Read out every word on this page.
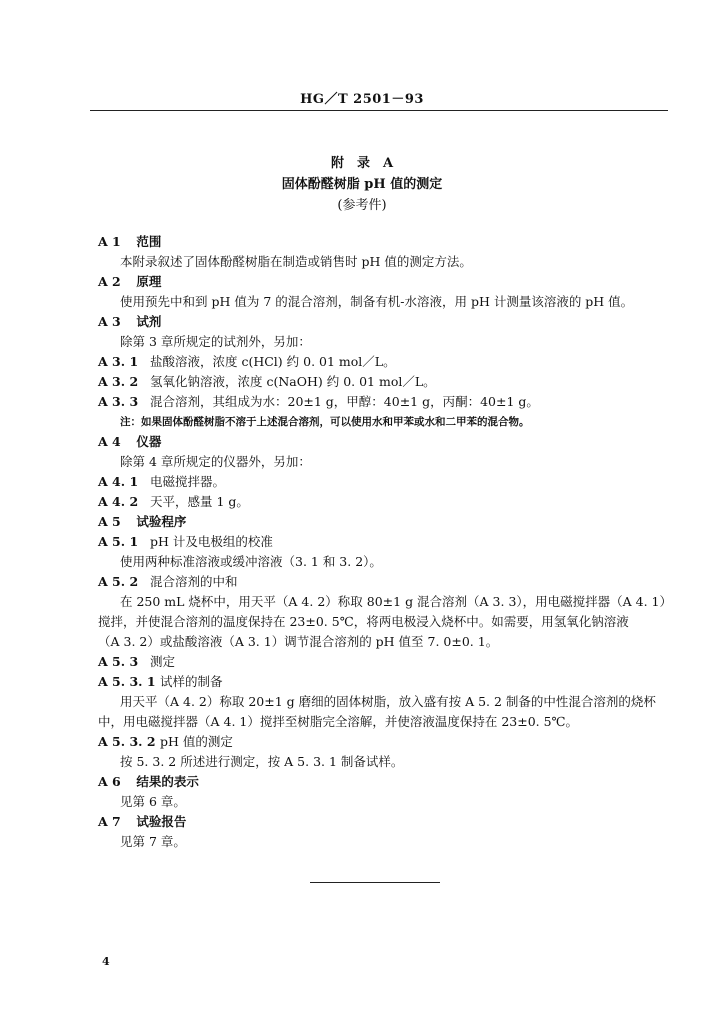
HG／T 2501－93
附　录　A
固体酚醛树脂 pH 值的测定
(参考件)
A 1 范围
本附录叙述了固体酚醛树脂在制造或销售时 pH 值的测定方法。
A 2 原理
使用预先中和到 pH 值为 7 的混合溶剂，制备有机-水溶液，用 pH 计测量该溶液的 pH 值。
A 3 试剂
除第 3 章所规定的试剂外，另加：
A 3. 1 盐酸溶液，浓度 c(HCl) 约 0. 01 mol／L。
A 3. 2 氢氧化钠溶液，浓度 c(NaOH) 约 0. 01 mol／L。
A 3. 3 混合溶剂，其组成为水：20±1 g，甲醇：40±1 g，丙酮：40±1 g。
注：如果固体酚醛树脂不溶于上述混合溶剂，可以使用水和甲苯或水和二甲苯的混合物。
A 4 仪器
除第 4 章所规定的仪器外，另加：
A 4. 1 电磁搅拌器。
A 4. 2 天平，感量 1 g。
A 5 试验程序
A 5. 1 pH 计及电极组的校准
使用两种标准溶液或缓冲溶液（3. 1 和 3. 2）。
A 5. 2 混合溶剂的中和
在 250 mL 烧杯中，用天平（A 4. 2）称取 80±1 g 混合溶剂（A 3. 3），用电磁搅拌器（A 4. 1）
搅拌，并使混合溶剂的温度保持在 23±0. 5℃，将两电极浸入烧杯中。如需要，用氢氧化钠溶液
（A 3. 2）或盐酸溶液（A 3. 1）调节混合溶剂的 pH 值至 7. 0±0. 1。
A 5. 3 测定
A 5. 3. 1 试样的制备
用天平（A 4. 2）称取 20±1 g 磨细的固体树脂，放入盛有按 A 5. 2 制备的中性混合溶剂的烧杯
中，用电磁搅拌器（A 4. 1）搅拌至树脂完全溶解，并使溶液温度保持在 23±0. 5℃。
A 5. 3. 2 pH 值的测定
按 5. 3. 2 所述进行测定，按 A 5. 3. 1 制备试样。
A 6 结果的表示
见第 6 章。
A 7 试验报告
见第 7 章。
4
